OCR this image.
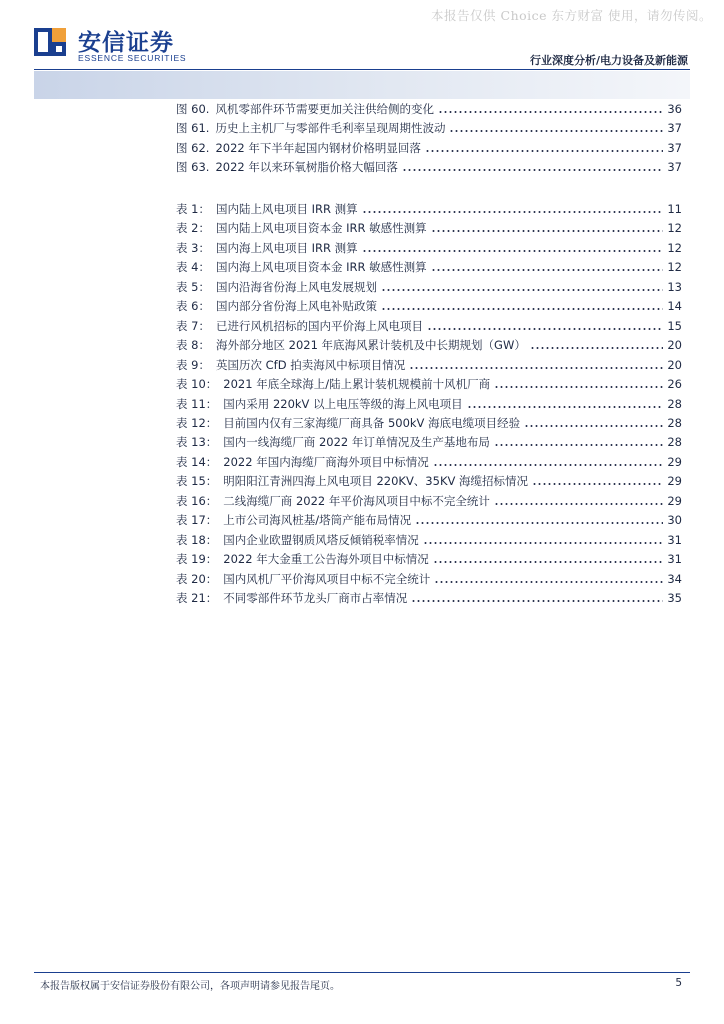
本报告仅供 Choice 东方财富 使用，请勿传阅。
安信证券
ESSENCE SECURITIES	行业深度分析/电力设备及新能源
图 60. 风机零部件环节需要更加关注供给侧的变化	36
图 61. 历史上主机厂与零部件毛利率呈现周期性波动	37
图 62. 2022 年下半年起国内钢材价格明显回落	37
图 63. 2022 年以来环氧树脂价格大幅回落	37
表 1： 国内陆上风电项目 IRR 测算	11
表 2： 国内陆上风电项目资本金 IRR 敏感性测算	12
表 3： 国内海上风电项目 IRR 测算	12
表 4： 国内海上风电项目资本金 IRR 敏感性测算	12
表 5： 国内沿海省份海上风电发展规划	13
表 6： 国内部分省份海上风电补贴政策	14
表 7： 已进行风机招标的国内平价海上风电项目	15
表 8： 海外部分地区 2021 年底海风累计装机及中长期规划（GW）	20
表 9： 英国历次 CfD 拍卖海风中标项目情况	20
表 10： 2021 年底全球海上/陆上累计装机规模前十风机厂商	26
表 11： 国内采用 220kV 以上电压等级的海上风电项目	28
表 12： 目前国内仅有三家海缆厂商具备 500kV 海底电缆项目经验	28
表 13： 国内一线海缆厂商 2022 年订单情况及生产基地布局	28
表 14： 2022 年国内海缆厂商海外项目中标情况	29
表 15： 明阳阳江青洲四海上风电项目 220KV、35KV 海缆招标情况	29
表 16： 二线海缆厂商 2022 年平价海风项目中标不完全统计	29
表 17： 上市公司海风桩基/塔筒产能布局情况	30
表 18： 国内企业欧盟钢质风塔反倾销税率情况	31
表 19： 2022 年大金重工公告海外项目中标情况	31
表 20： 国内风机厂平价海风项目中标不完全统计	34
表 21： 不同零部件环节龙头厂商市占率情况	35
本报告版权属于安信证券股份有限公司，各项声明请参见报告尾页。	5
